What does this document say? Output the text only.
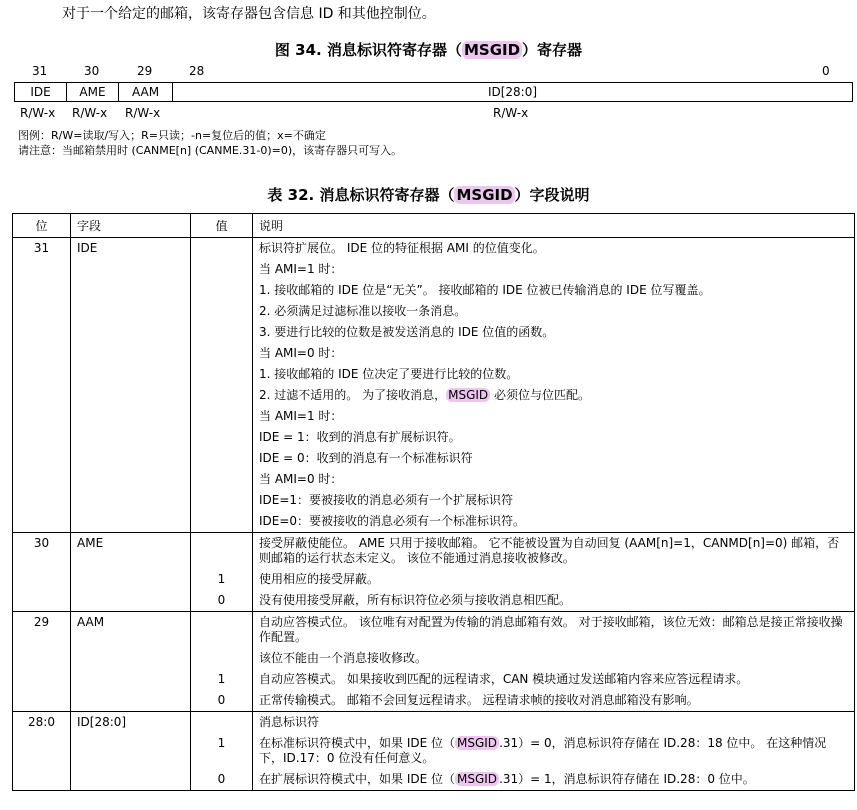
对于一个给定的邮箱，该寄存器包含信息 ID 和其他控制位。
图 34. 消息标识符寄存器（ MSGID ）寄存器
31	30	29	28	0
IDE	AME	AAM	ID[28:0]
R/W-x R/W-x R/W-x	R/W-x
图例：R/W=读取/写入；R=只读；-n=复位后的值；x=不确定
请注意：当邮箱禁用时 (CANME[n] (CANME.31-0)=0)，该寄存器只可写入。
表 32. 消息标识符寄存器（ MSGID ）字段说明
位	字段	值	说明
31	IDE		标识符扩展位。 IDE 位的特征根据 AMI 的位值变化。
			当 AMI=1 时：
			1. 接收邮箱的 IDE 位是“无关”。 接收邮箱的 IDE 位被已传输消息的 IDE 位写覆盖。
			2. 必须满足过滤标准以接收一条消息。
			3. 要进行比较的位数是被发送消息的 IDE 位值的函数。
			当 AMI=0 时：
			1. 接收邮箱的 IDE 位决定了要进行比较的位数。
			2. 过滤不适用的。 为了接收消息， MSGID 必须位与位匹配。
			当 AMI=1 时：
			IDE = 1：收到的消息有扩展标识符。
			IDE = 0：收到的消息有一个标准标识符
			当 AMI=0 时：
			IDE=1：要被接收的消息必须有一个扩展标识符
			IDE=0：要被接收的消息必须有一个标准标识符。
30	AME		接受屏蔽使能位。 AME 只用于接收邮箱。 它不能被设置为自动回复 (AAM[n]=1，CANMD[n]=0) 邮箱，否则邮箱的运行状态未定义。 该位不能通过消息接收被修改。
		1	使用相应的接受屏蔽。
		0	没有使用接受屏蔽，所有标识符位必须与接收消息相匹配。
29	AAM		自动应答模式位。 该位唯有对配置为传输的消息邮箱有效。 对于接收邮箱，该位无效：邮箱总是接正常接收操作配置。
			该位不能由一个消息接收修改。
		1	自动应答模式。 如果接收到匹配的远程请求，CAN 模块通过发送邮箱内容来应答远程请求。
		0	正常传输模式。 邮箱不会回复远程请求。 远程请求帧的接收对消息邮箱没有影响。
28:0	ID[28:0]		消息标识符
		1	在标准标识符模式中，如果 IDE 位（ MSGID .31）= 0，消息标识符存储在 ID.28：18 位中。 在这种情况下，ID.17：0 位没有任何意义。
		0	在扩展标识符模式中，如果 IDE 位（ MSGID .31）= 1，消息标识符存储在 ID.28：0 位中。
